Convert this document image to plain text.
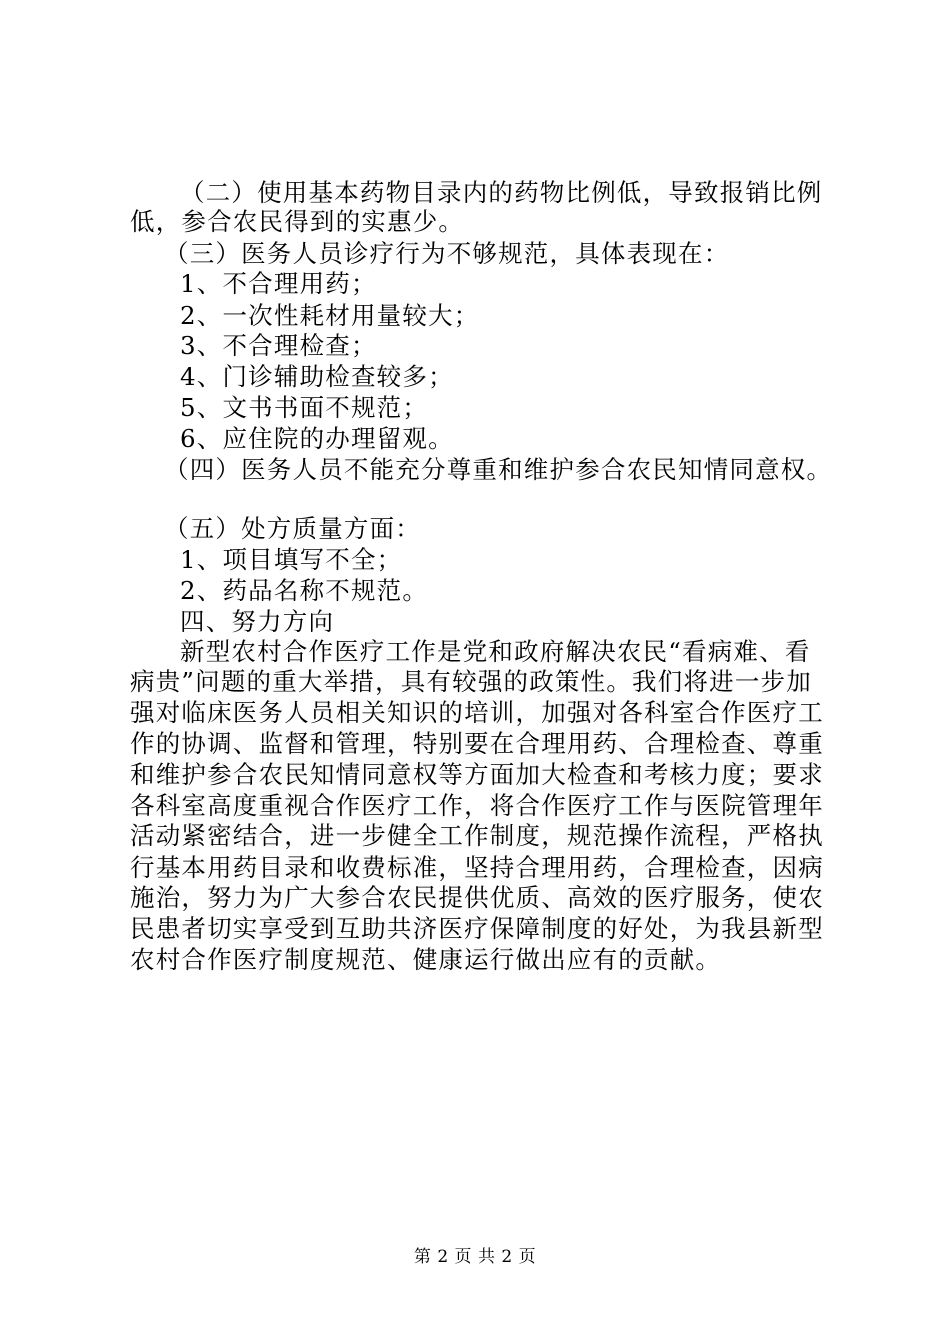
（二）使用基本药物目录内的药物比例低，导致报销比例
低，参合农民得到的实惠少。
（三）医务人员诊疗行为不够规范，具体表现在：
1、不合理用药；
2、一次性耗材用量较大；
3、不合理检查；
4、门诊辅助检查较多；
5、文书书面不规范；
6、应住院的办理留观。
（四）医务人员不能充分尊重和维护参合农民知情同意权。
（五）处方质量方面：
1、项目填写不全；
2、药品名称不规范。
四、努力方向
新型农村合作医疗工作是党和政府解决农民“看病难、看
病贵”问题的重大举措，具有较强的政策性。我们将进一步加
强对临床医务人员相关知识的培训，加强对各科室合作医疗工
作的协调、监督和管理，特别要在合理用药、合理检查、尊重
和维护参合农民知情同意权等方面加大检查和考核力度；要求
各科室高度重视合作医疗工作，将合作医疗工作与医院管理年
活动紧密结合，进一步健全工作制度，规范操作流程，严格执
行基本用药目录和收费标准，坚持合理用药，合理检查，因病
施治，努力为广大参合农民提供优质、高效的医疗服务，使农
民患者切实享受到互助共济医疗保障制度的好处，为我县新型
农村合作医疗制度规范、健康运行做出应有的贡献。
第 2 页 共 2 页
